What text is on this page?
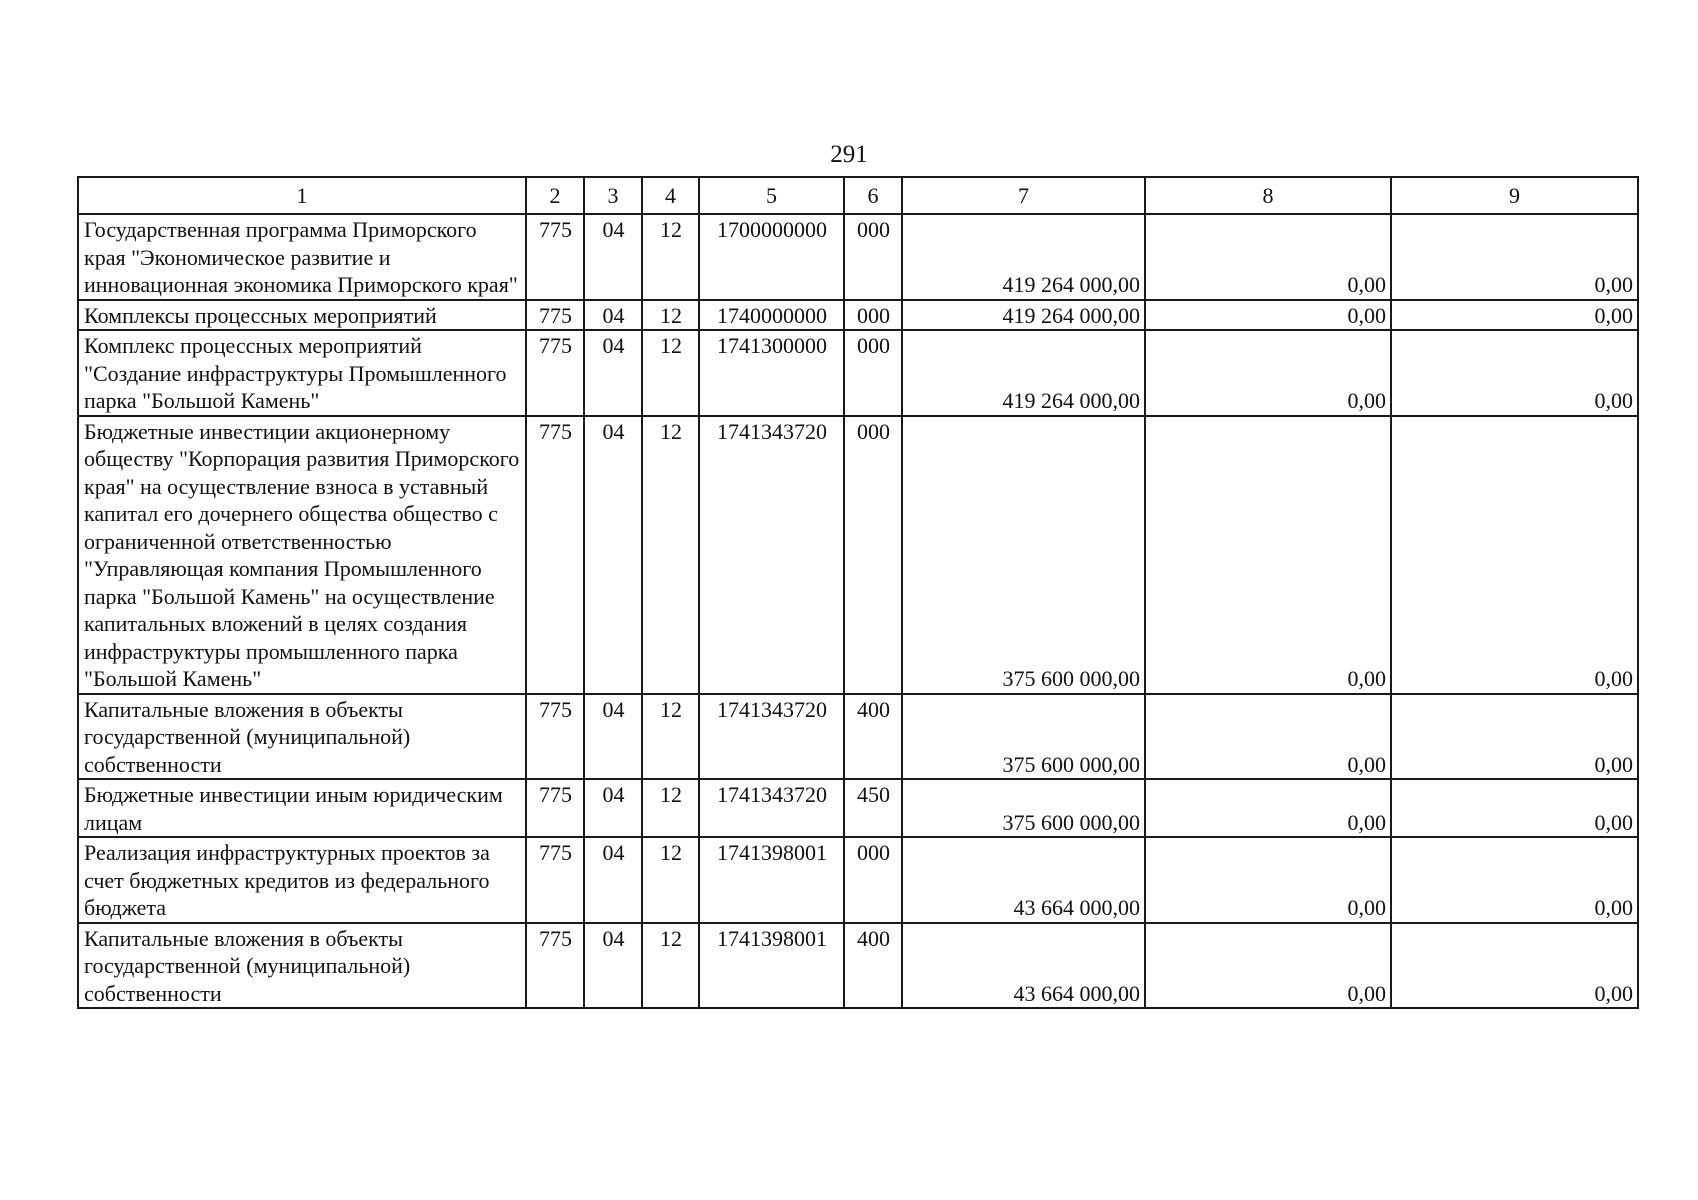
291
1	2	3	4	5	6	7	8	9
Государственная программа Приморского края "Экономическое развитие и инновационная экономика Приморского края"	775	04	12	1700000000	000	419 264 000,00	0,00	0,00
Комплексы процессных мероприятий	775	04	12	1740000000	000	419 264 000,00	0,00	0,00
Комплекс процессных мероприятий "Создание инфраструктуры Промышленного парка "Большой Камень"	775	04	12	1741300000	000	419 264 000,00	0,00	0,00
Бюджетные инвестиции акционерному обществу "Корпорация развития Приморского края" на осуществление взноса в уставный капитал его дочернего общества общество с ограниченной ответственностью "Управляющая компания Промышленного парка "Большой Камень" на осуществление капитальных вложений в целях создания инфраструктуры промышленного парка "Большой Камень"	775	04	12	1741343720	000	375 600 000,00	0,00	0,00
Капитальные вложения в объекты государственной (муниципальной) собственности	775	04	12	1741343720	400	375 600 000,00	0,00	0,00
Бюджетные инвестиции иным юридическим лицам	775	04	12	1741343720	450	375 600 000,00	0,00	0,00
Реализация инфраструктурных проектов за счет бюджетных кредитов из федерального бюджета	775	04	12	1741398001	000	43 664 000,00	0,00	0,00
Капитальные вложения в объекты государственной (муниципальной) собственности	775	04	12	1741398001	400	43 664 000,00	0,00	0,00
